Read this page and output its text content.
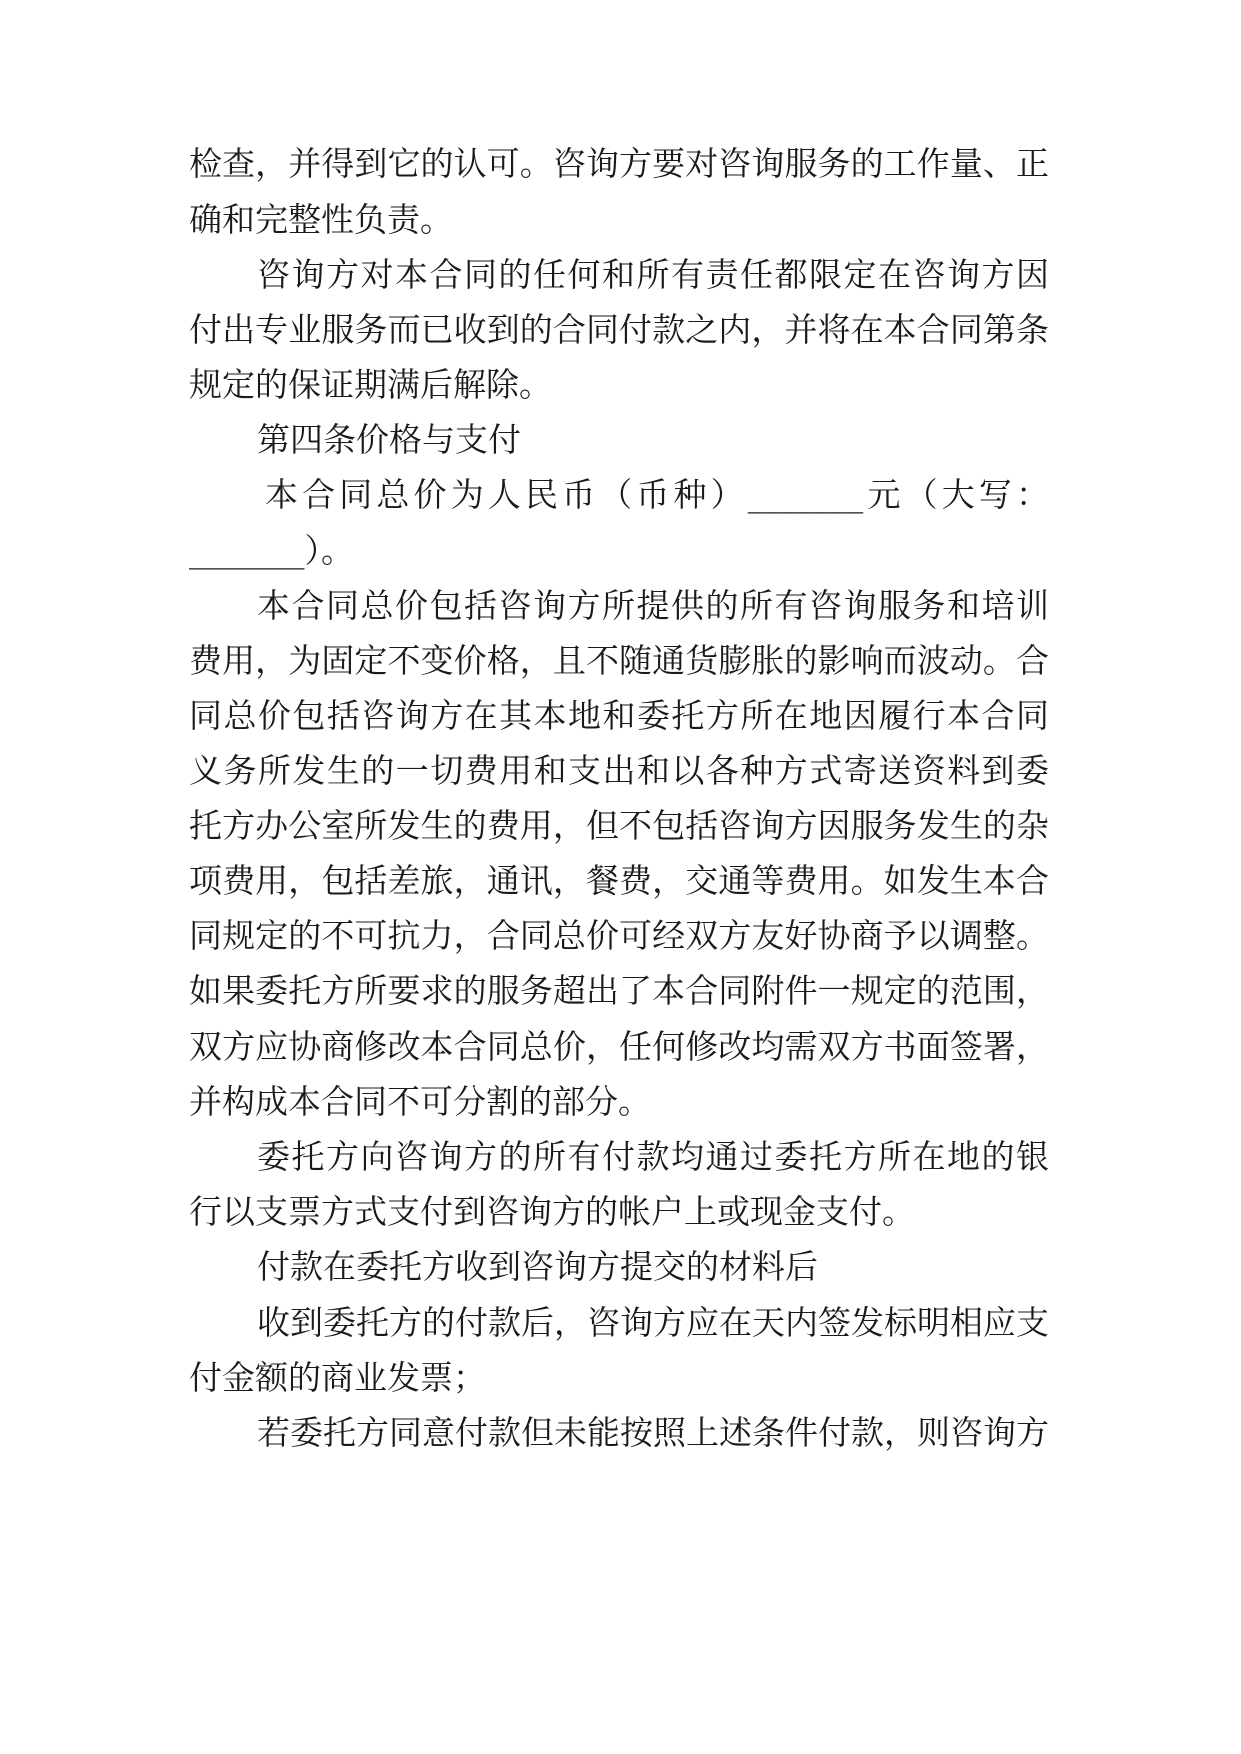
检查，并得到它的认可。咨询方要对咨询服务的工作量、正
确和完整性负责。
咨询方对本合同的任何和所有责任都限定在咨询方因
付出专业服务而已收到的合同付款之内，并将在本合同第条
规定的保证期满后解除。
第四条价格与支付
本合同总价为人民币（币种）_______元（大写：
_______）。
本合同总价包括咨询方所提供的所有咨询服务和培训
费用，为固定不变价格，且不随通货膨胀的影响而波动。合
同总价包括咨询方在其本地和委托方所在地因履行本合同
义务所发生的一切费用和支出和以各种方式寄送资料到委
托方办公室所发生的费用，但不包括咨询方因服务发生的杂
项费用，包括差旅，通讯，餐费，交通等费用。如发生本合
同规定的不可抗力，合同总价可经双方友好协商予以调整。
如果委托方所要求的服务超出了本合同附件一规定的范围，
双方应协商修改本合同总价，任何修改均需双方书面签署，
并构成本合同不可分割的部分。
委托方向咨询方的所有付款均通过委托方所在地的银
行以支票方式支付到咨询方的帐户上或现金支付。
付款在委托方收到咨询方提交的材料后
收到委托方的付款后，咨询方应在天内签发标明相应支
付金额的商业发票；
若委托方同意付款但未能按照上述条件付款，则咨询方
